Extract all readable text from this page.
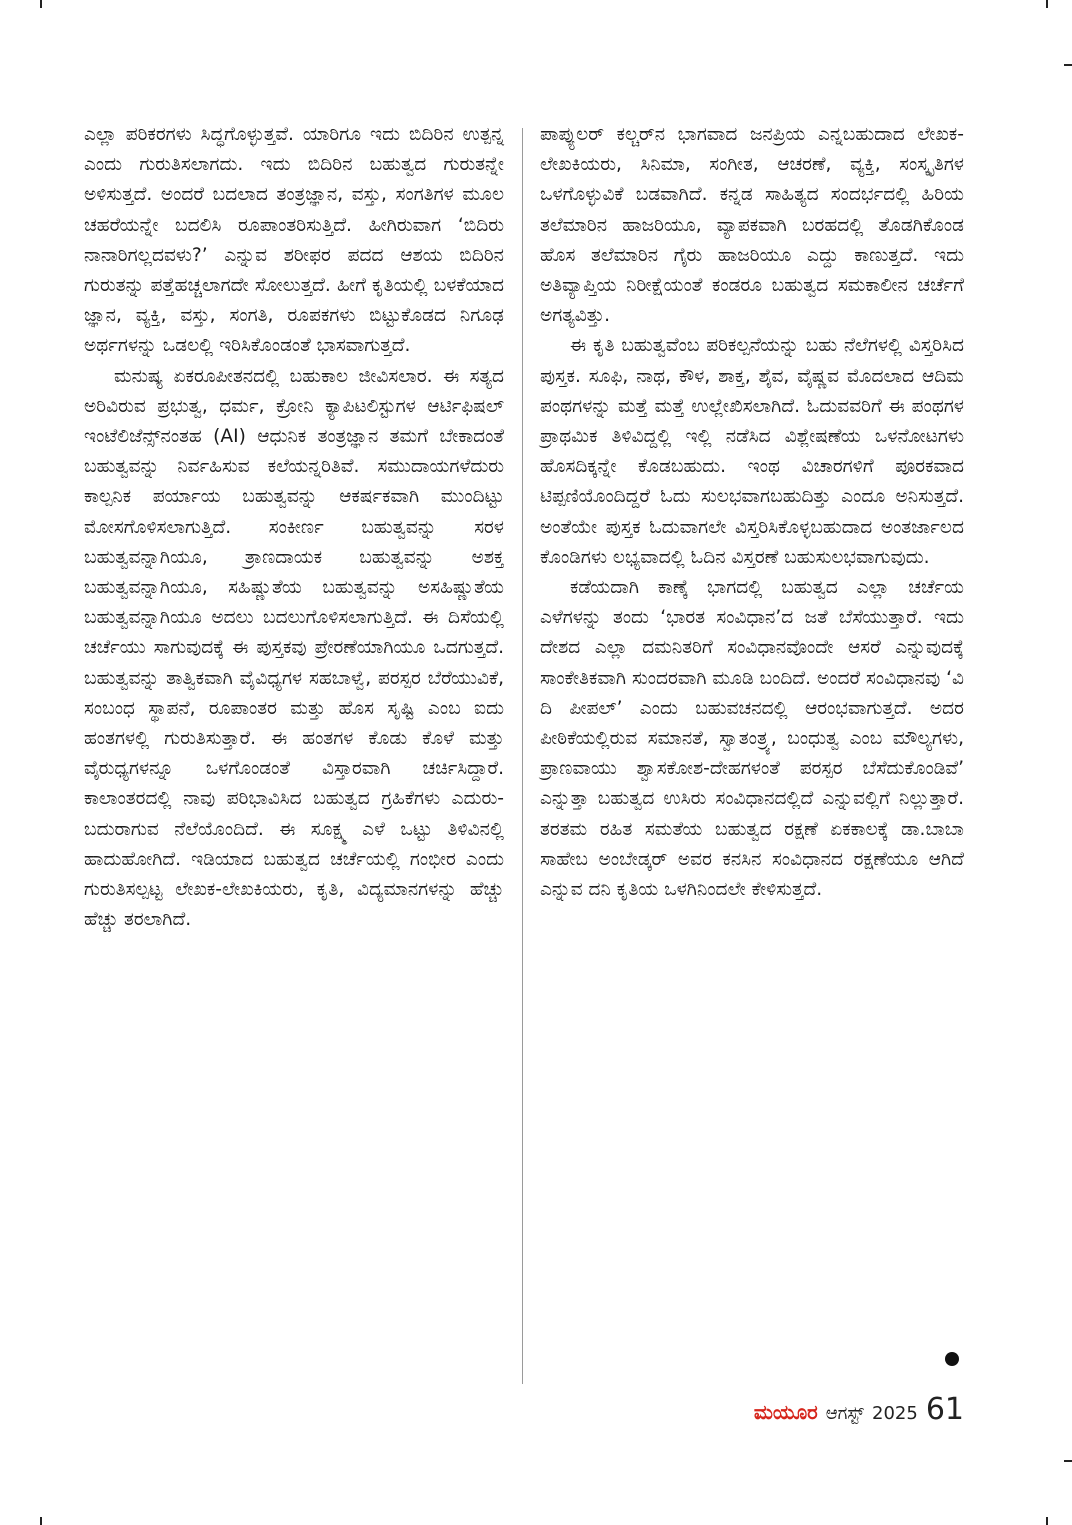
ಎಲ್ಲಾ ಪರಿಕರಗಳು ಸಿದ್ಧಗೊಳ್ಳುತ್ತವೆ. ಯಾರಿಗೂ ಇದು ಬಿದಿರಿನ ಉತ್ಪನ್ನ ಎಂದು ಗುರುತಿಸಲಾಗದು. ಇದು ಬಿದಿರಿನ ಬಹುತ್ವದ ಗುರುತನ್ನೇ ಅಳಿಸುತ್ತದೆ. ಅಂದರೆ ಬದಲಾದ ತಂತ್ರಜ್ಞಾನ, ವಸ್ತು, ಸಂಗತಿಗಳ ಮೂಲ ಚಹರೆಯನ್ನೇ ಬದಲಿಸಿ ರೂಪಾಂತರಿಸುತ್ತಿದೆ. ಹೀಗಿರುವಾಗ ‘ಬಿದಿರು ನಾನಾರಿಗಲ್ಲದವಳು?’ ಎನ್ನುವ ಶರೀಫರ ಪದದ ಆಶಯ ಬಿದಿರಿನ ಗುರುತನ್ನು ಪತ್ತೆಹಚ್ಚಲಾಗದೇ ಸೋಲುತ್ತದೆ. ಹೀಗೆ ಕೃತಿಯಲ್ಲಿ ಬಳಕೆಯಾದ ಜ್ಞಾನ, ವ್ಯಕ್ತಿ, ವಸ್ತು, ಸಂಗತಿ, ರೂಪಕಗಳು ಬಿಟ್ಟುಕೊಡದ ನಿಗೂಢ ಅರ್ಥಗಳನ್ನು ಒಡಲಲ್ಲಿ ಇರಿಸಿಕೊಂಡಂತೆ ಭಾಸವಾಗುತ್ತದೆ.

ಮನುಷ್ಯ ಏಕರೂಪೀತನದಲ್ಲಿ ಬಹುಕಾಲ ಜೀವಿಸಲಾರ. ಈ ಸತ್ಯದ ಅರಿವಿರುವ ಪ್ರಭುತ್ವ, ಧರ್ಮ, ಕ್ರೋನಿ ಕ್ಯಾಪಿಟಲಿಸ್ಟುಗಳ ಆರ್ಟಿಫಿಷಲ್ ಇಂಟೆಲಿಜೆನ್ಸ್‌ನಂತಹ (AI) ಆಧುನಿಕ ತಂತ್ರಜ್ಞಾನ ತಮಗೆ ಬೇಕಾದಂತೆ ಬಹುತ್ವವನ್ನು ನಿರ್ವಹಿಸುವ ಕಲೆಯನ್ನರಿತಿವೆ. ಸಮುದಾಯಗಳೆದುರು ಕಾಲ್ಪನಿಕ ಪರ್ಯಾಯ ಬಹುತ್ವವನ್ನು ಆಕರ್ಷಕವಾಗಿ ಮುಂದಿಟ್ಟು ಮೋಸಗೊಳಿಸಲಾಗುತ್ತಿದೆ. ಸಂಕೀರ್ಣ ಬಹುತ್ವವನ್ನು ಸರಳ ಬಹುತ್ವವನ್ನಾಗಿಯೂ, ತ್ರಾಣದಾಯಕ ಬಹುತ್ವವನ್ನು ಅಶಕ್ತ ಬಹುತ್ವವನ್ನಾಗಿಯೂ, ಸಹಿಷ್ಣುತೆಯ ಬಹುತ್ವವನ್ನು ಅಸಹಿಷ್ಣುತೆಯ ಬಹುತ್ವವನ್ನಾಗಿಯೂ ಅದಲು ಬದಲುಗೊಳಿಸಲಾಗುತ್ತಿದೆ. ಈ ದಿಸೆಯಲ್ಲಿ ಚರ್ಚೆಯು ಸಾಗುವುದಕ್ಕೆ ಈ ಪುಸ್ತಕವು ಪ್ರೇರಣೆಯಾಗಿಯೂ ಒದಗುತ್ತದೆ. ಬಹುತ್ವವನ್ನು ತಾತ್ವಿಕವಾಗಿ ವೈವಿಧ್ಯಗಳ ಸಹಬಾಳ್ವೆ, ಪರಸ್ಪರ ಬೆರೆಯುವಿಕೆ, ಸಂಬಂಧ ಸ್ಥಾಪನೆ, ರೂಪಾಂತರ ಮತ್ತು ಹೊಸ ಸೃಷ್ಟಿ ಎಂಬ ಐದು ಹಂತಗಳಲ್ಲಿ ಗುರುತಿಸುತ್ತಾರೆ. ಈ ಹಂತಗಳ ಕೊಡು ಕೊಳೆ ಮತ್ತು ವೈರುಧ್ಯಗಳನ್ನೂ ಒಳಗೊಂಡಂತೆ ವಿಸ್ತಾರವಾಗಿ ಚರ್ಚಿಸಿದ್ದಾರೆ. ಕಾಲಾಂತರದಲ್ಲಿ ನಾವು ಪರಿಭಾವಿಸಿದ ಬಹುತ್ವದ ಗ್ರಹಿಕೆಗಳು ಎದುರು-ಬದುರಾಗುವ ನೆಲೆಯೊಂದಿದೆ. ಈ ಸೂಕ್ಷ್ಮ ಎಳೆ ಒಟ್ಟು ತಿಳಿವಿನಲ್ಲಿ ಹಾದುಹೋಗಿದೆ. ಇಡಿಯಾದ ಬಹುತ್ವದ ಚರ್ಚೆಯಲ್ಲಿ ಗಂಭೀರ ಎಂದು ಗುರುತಿಸಲ್ಪಟ್ಟ ಲೇಖಕ-ಲೇಖಕಿಯರು, ಕೃತಿ, ವಿದ್ಯಮಾನಗಳನ್ನು ಹೆಚ್ಚು ಹೆಚ್ಚು ತರಲಾಗಿದೆ.

ಪಾಪ್ಯುಲರ್ ಕಲ್ಚರ್‌ನ ಭಾಗವಾದ ಜನಪ್ರಿಯ ಎನ್ನಬಹುದಾದ ಲೇಖಕ-ಲೇಖಕಿಯರು, ಸಿನಿಮಾ, ಸಂಗೀತ, ಆಚರಣೆ, ವ್ಯಕ್ತಿ, ಸಂಸ್ಕೃತಿಗಳ ಒಳಗೊಳ್ಳುವಿಕೆ ಬಡವಾಗಿದೆ. ಕನ್ನಡ ಸಾಹಿತ್ಯದ ಸಂದರ್ಭದಲ್ಲಿ ಹಿರಿಯ ತಲೆಮಾರಿನ ಹಾಜರಿಯೂ, ವ್ಯಾಪಕವಾಗಿ ಬರಹದಲ್ಲಿ ತೊಡಗಿಕೊಂಡ ಹೊಸ ತಲೆಮಾರಿನ ಗೈರು ಹಾಜರಿಯೂ ಎದ್ದು ಕಾಣುತ್ತದೆ. ಇದು ಅತಿವ್ಯಾಪ್ತಿಯ ನಿರೀಕ್ಷೆಯಂತೆ ಕಂಡರೂ ಬಹುತ್ವದ ಸಮಕಾಲೀನ ಚರ್ಚೆಗೆ ಅಗತ್ಯವಿತ್ತು.

ಈ ಕೃತಿ ಬಹುತ್ವವೆಂಬ ಪರಿಕಲ್ಪನೆಯನ್ನು ಬಹು ನೆಲೆಗಳಲ್ಲಿ ವಿಸ್ತರಿಸಿದ ಪುಸ್ತಕ. ಸೂಫಿ, ನಾಥ, ಕೌಳ, ಶಾಕ್ತ, ಶೈವ, ವೈಷ್ಣವ ಮೊದಲಾದ ಆದಿಮ ಪಂಥಗಳನ್ನು ಮತ್ತೆ ಮತ್ತೆ ಉಲ್ಲೇಖಿಸಲಾಗಿದೆ. ಓದುವವರಿಗೆ ಈ ಪಂಥಗಳ ಪ್ರಾಥಮಿಕ ತಿಳಿವಿದ್ದಲ್ಲಿ ಇಲ್ಲಿ ನಡೆಸಿದ ವಿಶ್ಲೇಷಣೆಯ ಒಳನೋಟಗಳು ಹೊಸದಿಕ್ಕನ್ನೇ ಕೊಡಬಹುದು. ಇಂಥ ವಿಚಾರಗಳಿಗೆ ಪೂರಕವಾದ ಟಿಪ್ಪಣಿಯೊಂದಿದ್ದರೆ ಓದು ಸುಲಭವಾಗಬಹುದಿತ್ತು ಎಂದೂ ಅನಿಸುತ್ತದೆ. ಅಂತೆಯೇ ಪುಸ್ತಕ ಓದುವಾಗಲೇ ವಿಸ್ತರಿಸಿಕೊಳ್ಳಬಹುದಾದ ಅಂತರ್ಜಾಲದ ಕೊಂಡಿಗಳು ಲಭ್ಯವಾದಲ್ಲಿ ಓದಿನ ವಿಸ್ತರಣೆ ಬಹುಸುಲಭವಾಗುವುದು.

ಕಡೆಯದಾಗಿ ಕಾಣ್ಕೆ ಭಾಗದಲ್ಲಿ ಬಹುತ್ವದ ಎಲ್ಲಾ ಚರ್ಚೆಯ ಎಳೆಗಳನ್ನು ತಂದು ‘ಭಾರತ ಸಂವಿಧಾನ’ದ ಜತೆ ಬೆಸೆಯುತ್ತಾರೆ. ಇದು ದೇಶದ ಎಲ್ಲಾ ದಮನಿತರಿಗೆ ಸಂವಿಧಾನವೊಂದೇ ಆಸರೆ ಎನ್ನುವುದಕ್ಕೆ ಸಾಂಕೇತಿಕವಾಗಿ ಸುಂದರವಾಗಿ ಮೂಡಿ ಬಂದಿದೆ. ಅಂದರೆ ಸಂವಿಧಾನವು ‘ವಿ ದಿ ಪೀಪಲ್’ ಎಂದು ಬಹುವಚನದಲ್ಲಿ ಆರಂಭವಾಗುತ್ತದೆ. ಅದರ ಪೀಠಿಕೆಯಲ್ಲಿರುವ ಸಮಾನತೆ, ಸ್ವಾತಂತ್ರ್ಯ, ಬಂಧುತ್ವ ಎಂಬ ಮೌಲ್ಯಗಳು, ಪ್ರಾಣವಾಯು ಶ್ವಾಸಕೋಶ-ದೇಹಗಳಂತೆ ಪರಸ್ಪರ ಬೆಸೆದುಕೊಂಡಿವೆ’ ಎನ್ನುತ್ತಾ ಬಹುತ್ವದ ಉಸಿರು ಸಂವಿಧಾನದಲ್ಲಿದೆ ಎನ್ನುವಲ್ಲಿಗೆ ನಿಲ್ಲುತ್ತಾರೆ. ತರತಮ ರಹಿತ ಸಮತೆಯ ಬಹುತ್ವದ ರಕ್ಷಣೆ ಏಕಕಾಲಕ್ಕೆ ಡಾ.ಬಾಬಾ ಸಾಹೇಬ ಅಂಬೇಡ್ಕರ್ ಅವರ ಕನಸಿನ ಸಂವಿಧಾನದ ರಕ್ಷಣೆಯೂ ಆಗಿದೆ ಎನ್ನುವ ದನಿ ಕೃತಿಯ ಒಳಗಿನಿಂದಲೇ ಕೇಳಿಸುತ್ತದೆ.

ಮಯೂರ ಆಗಸ್ಟ್ 2025 61
